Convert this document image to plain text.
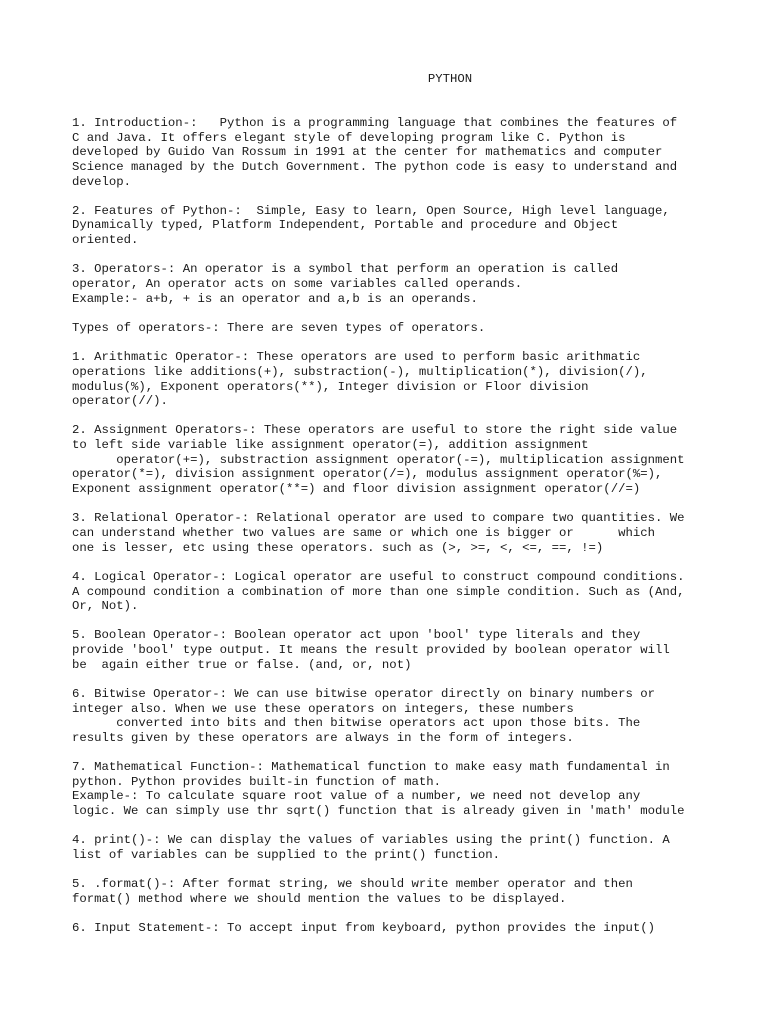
PYTHON
1. Introduction-:   Python is a programming language that combines the features of
C and Java. It offers elegant style of developing program like C. Python is
developed by Guido Van Rossum in 1991 at the center for mathematics and computer
Science managed by the Dutch Government. The python code is easy to understand and
develop.
2. Features of Python-:  Simple, Easy to learn, Open Source, High level language,
Dynamically typed, Platform Independent, Portable and procedure and Object
oriented.
3. Operators-: An operator is a symbol that perform an operation is called
operator, An operator acts on some variables called operands.
Example:- a+b, + is an operator and a,b is an operands.
Types of operators-: There are seven types of operators.
1. Arithmatic Operator-: These operators are used to perform basic arithmatic
operations like additions(+), substraction(-), multiplication(*), division(/),
modulus(%), Exponent operators(**), Integer division or Floor division
operator(//).
2. Assignment Operators-: These operators are useful to store the right side value
to left side variable like assignment operator(=), addition assignment
operator(+=), substraction assignment operator(-=), multiplication assignment
operator(*=), division assignment operator(/=), modulus assignment operator(%=),
Exponent assignment operator(**=) and floor division assignment operator(//=)
3. Relational Operator-: Relational operator are used to compare two quantities. We
can understand whether two values are same or which one is bigger or      which
one is lesser, etc using these operators. such as (>, >=, <, <=, ==, !=)
4. Logical Operator-: Logical operator are useful to construct compound conditions.
A compound condition a combination of more than one simple condition. Such as (And,
Or, Not).
5. Boolean Operator-: Boolean operator act upon 'bool' type literals and they
provide 'bool' type output. It means the result provided by boolean operator will
be  again either true or false. (and, or, not)
6. Bitwise Operator-: We can use bitwise operator directly on binary numbers or
integer also. When we use these operators on integers, these numbers
converted into bits and then bitwise operators act upon those bits. The
results given by these operators are always in the form of integers.
7. Mathematical Function-: Mathematical function to make easy math fundamental in
python. Python provides built-in function of math.
Example-: To calculate square root value of a number, we need not develop any
logic. We can simply use thr sqrt() function that is already given in 'math' module
4. print()-: We can display the values of variables using the print() function. A
list of variables can be supplied to the print() function.
5. .format()-: After format string, we should write member operator and then
format() method where we should mention the values to be displayed.
6. Input Statement-: To accept input from keyboard, python provides the input()
